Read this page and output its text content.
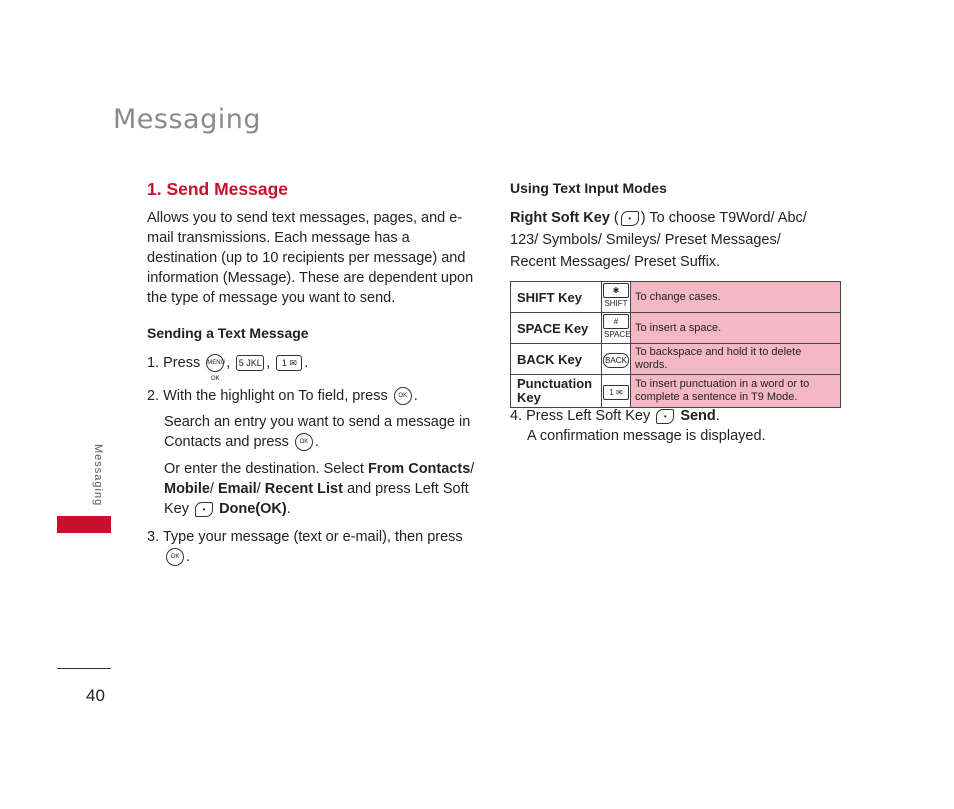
Messaging
Messaging
40
1. Send Message
Allows you to send text messages, pages, and e-mail transmissions. Each message has a destination (up to 10 recipients per message) and information (Message). These are dependent upon the type of message you want to send.
Sending a Text Message
1. Press MENU OK, 5 JKL , 1 ✉ .
2. With the highlight on To field, press OK .
Search an entry you want to send a message in Contacts and press OK .
Or enter the destination. Select From Contacts/ Mobile/ Email/ Recent List and press Left Soft Key • Done(OK).
3. Type your message (text or e-mail), then press
OK .
Using Text Input Modes
Right Soft Key ( • ) To choose T9Word/ Abc/ 123/ Symbols/ Smileys/ Preset Messages/ Recent Messages/ Preset Suffix.
SHIFT Key	✱ SHIFT	To change cases.
SPACE Key	# SPACE	To insert a space.
BACK Key	BACK	To backspace and hold it to delete words.
Punctuation Key	1 ✉	To insert punctuation in a word or to complete a sentence in T9 Mode.
4. Press Left Soft Key • Send.
A confirmation message is displayed.
